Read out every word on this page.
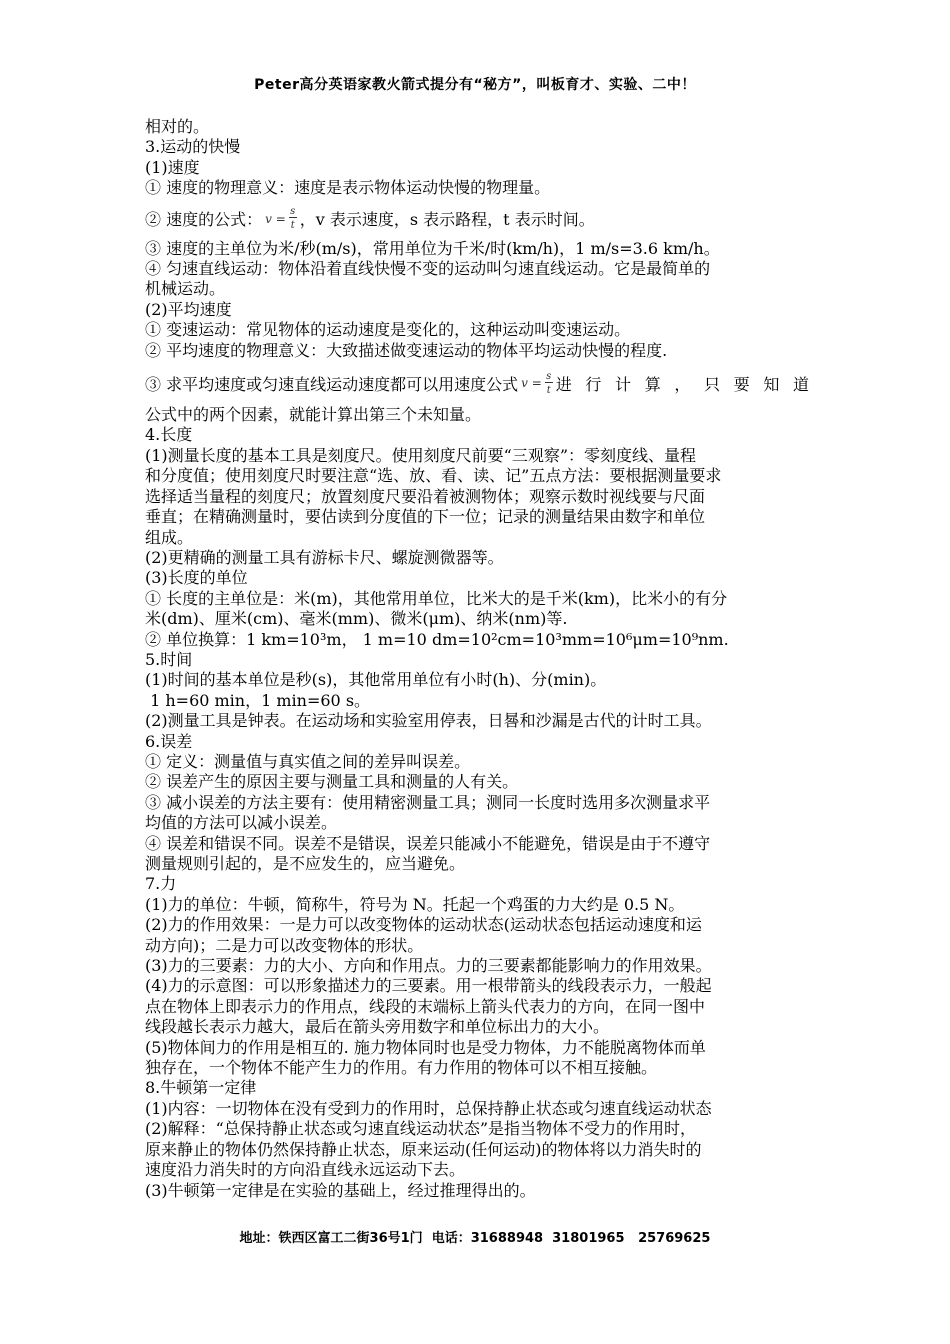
Peter高分英语家教火箭式提分有“秘方”，叫板育才、实验、二中！
相对的。
3.运动的快慢
(1)速度
① 速度的物理意义：速度是表示物体运动快慢的物理量。
② 速度的公式： $v = \frac{s}{t}$ ，v 表示速度，s 表示路程，t 表示时间。
③ 速度的主单位为米/秒(m/s)，常用单位为千米/时(km/h)，1 m/s=3.6 km/h。
④ 匀速直线运动：物体沿着直线快慢不变的运动叫匀速直线运动。它是最简单的
机械运动。
(2)平均速度
① 变速运动：常见物体的运动速度是变化的，这种运动叫变速运动。
② 平均速度的物理意义：大致描述做变速运动的物体平均运动快慢的程度.
③ 求平均速度或匀速直线运动速度都可以用速度公式 $v = \frac{s}{t}$ 进行计算，只要知道
公式中的两个因素，就能计算出第三个未知量。
4.长度
(1)测量长度的基本工具是刻度尺。使用刻度尺前要“三观察”：零刻度线、量程
和分度值；使用刻度尺时要注意“选、放、看、读、记”五点方法：要根据测量要求
选择适当量程的刻度尺；放置刻度尺要沿着被测物体；观察示数时视线要与尺面
垂直；在精确测量时，要估读到分度值的下一位；记录的测量结果由数字和单位
组成。
(2)更精确的测量工具有游标卡尺、螺旋测微器等。
(3)长度的单位
① 长度的主单位是：米(m)，其他常用单位，比米大的是千米(km)，比米小的有分
米(dm)、厘米(cm)、毫米(mm)、微米(μm)、纳米(nm)等.
② 单位换算：1 km=10³m， 1 m=10 dm=10²cm=10³mm=10⁶μm=10⁹nm.
5.时间
(1)时间的基本单位是秒(s)，其他常用单位有小时(h)、分(min)。
1 h=60 min，1 min=60 s。
(2)测量工具是钟表。在运动场和实验室用停表，日晷和沙漏是古代的计时工具。
6.误差
① 定义：测量值与真实值之间的差异叫误差。
② 误差产生的原因主要与测量工具和测量的人有关。
③ 减小误差的方法主要有：使用精密测量工具；测同一长度时选用多次测量求平
均值的方法可以减小误差。
④ 误差和错误不同。误差不是错误，误差只能减小不能避免，错误是由于不遵守
测量规则引起的，是不应发生的，应当避免。
7.力
(1)力的单位：牛顿，简称牛，符号为 N。托起一个鸡蛋的力大约是 0.5 N。
(2)力的作用效果：一是力可以改变物体的运动状态(运动状态包括运动速度和运
动方向)；二是力可以改变物体的形状。
(3)力的三要素：力的大小、方向和作用点。力的三要素都能影响力的作用效果。
(4)力的示意图：可以形象描述力的三要素。用一根带箭头的线段表示力，一般起
点在物体上即表示力的作用点，线段的末端标上箭头代表力的方向，在同一图中
线段越长表示力越大，最后在箭头旁用数字和单位标出力的大小。
(5)物体间力的作用是相互的. 施力物体同时也是受力物体，力不能脱离物体而单
独存在，一个物体不能产生力的作用。有力作用的物体可以不相互接触。
8.牛顿第一定律
(1)内容：一切物体在没有受到力的作用时，总保持静止状态或匀速直线运动状态
(2)解释：“总保持静止状态或匀速直线运动状态”是指当物体不受力的作用时，
原来静止的物体仍然保持静止状态，原来运动(任何运动)的物体将以力消失时的
速度沿力消失时的方向沿直线永远运动下去。
(3)牛顿第一定律是在实验的基础上，经过推理得出的。
地址：铁西区富工二街36号1门  电话：31688948  31801965   25769625
